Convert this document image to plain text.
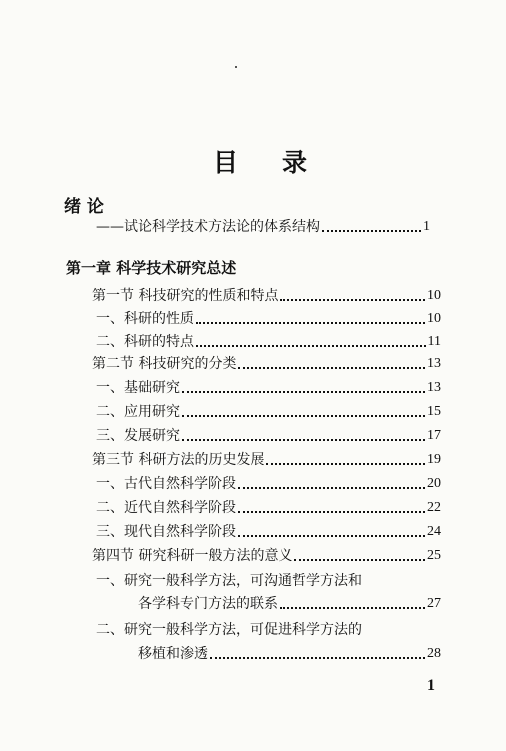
目 录
绪 论
——试论科学技术方法论的体系结构	1
第一章 科学技术研究总述
第一节 科技研究的性质和特点	10
一、科研的性质	10
二、科研的特点	11
第二节 科技研究的分类	13
一、基础研究	13
二、应用研究	15
三、发展研究	17
第三节 科研方法的历史发展	19
一、古代自然科学阶段	20
二、近代自然科学阶段	22
三、现代自然科学阶段	24
第四节 研究科研一般方法的意义	25
一、研究一般科学方法，可沟通哲学方法和
各学科专门方法的联系	27
二、研究一般科学方法，可促进科学方法的
移植和渗透	28
1
